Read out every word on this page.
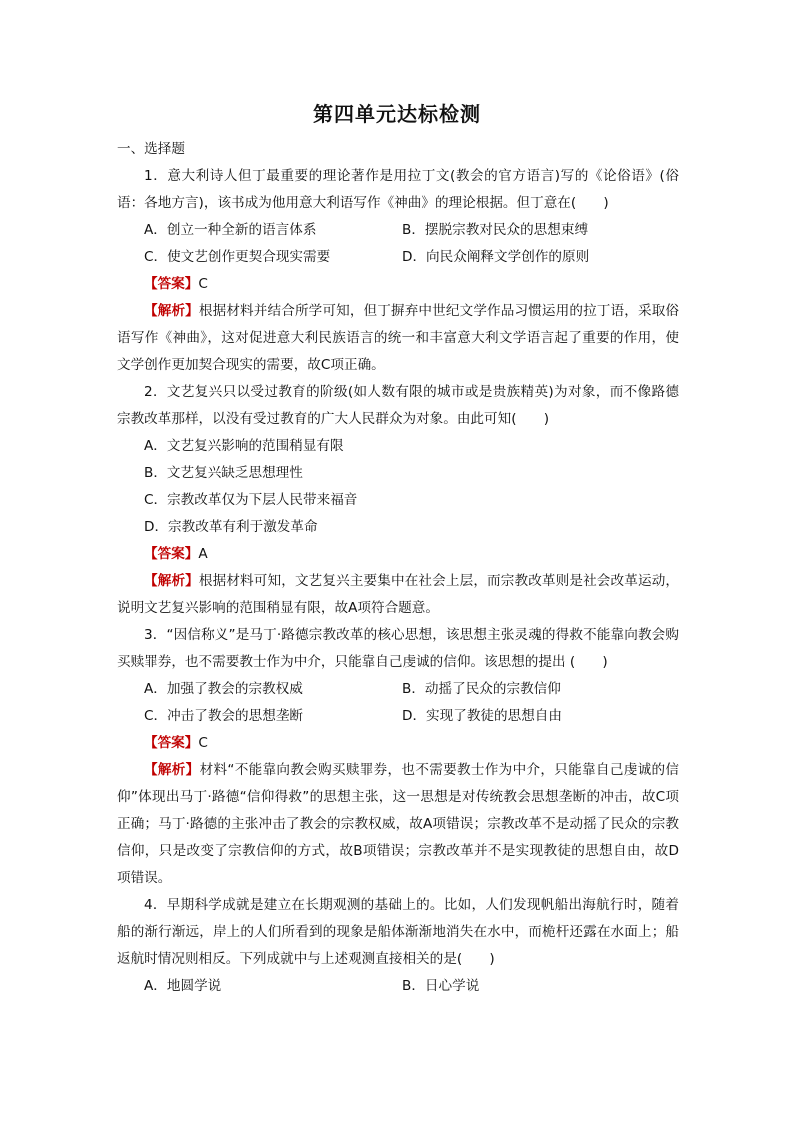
第四单元达标检测
一、选择题

1．意大利诗人但丁最重要的理论著作是用拉丁文(教会的官方语言)写的《论俗语》(俗语：各地方言)，该书成为他用意大利语写作《神曲》的理论根据。但丁意在(　　)

A．创立一种全新的语言体系	B．摆脱宗教对民众的思想束缚
C．使文艺创作更契合现实需要	D．向民众阐释文学创作的原则
【答案】C

【解析】根据材料并结合所学可知，但丁摒弃中世纪文学作品习惯运用的拉丁语，采取俗语写作《神曲》，这对促进意大利民族语言的统一和丰富意大利文学语言起了重要的作用，使文学创作更加契合现实的需要，故C项正确。

2．文艺复兴只以受过教育的阶级(如人数有限的城市或是贵族精英)为对象，而不像路德宗教改革那样，以没有受过教育的广大人民群众为对象。由此可知(　　)

A．文艺复兴影响的范围稍显有限
B．文艺复兴缺乏思想理性
C．宗教改革仅为下层人民带来福音
D．宗教改革有利于激发革命
【答案】A

【解析】根据材料可知，文艺复兴主要集中在社会上层，而宗教改革则是社会改革运动，说明文艺复兴影响的范围稍显有限，故A项符合题意。

3．“因信称义”是马丁·路德宗教改革的核心思想，该思想主张灵魂的得救不能靠向教会购买赎罪券，也不需要教士作为中介，只能靠自己虔诚的信仰。该思想的提出 (　　)

A．加强了教会的宗教权威	B．动摇了民众的宗教信仰
C．冲击了教会的思想垄断	D．实现了教徒的思想自由
【答案】C

【解析】材料“不能靠向教会购买赎罪券，也不需要教士作为中介，只能靠自己虔诚的信仰”体现出马丁·路德“信仰得救”的思想主张，这一思想是对传统教会思想垄断的冲击，故C项正确；马丁·路德的主张冲击了教会的宗教权威，故A项错误；宗教改革不是动摇了民众的宗教信仰，只是改变了宗教信仰的方式，故B项错误；宗教改革并不是实现教徒的思想自由，故D项错误。

4．早期科学成就是建立在长期观测的基础上的。比如，人们发现帆船出海航行时，随着船的渐行渐远，岸上的人们所看到的现象是船体渐渐地消失在水中，而桅杆还露在水面上；船返航时情况则相反。下列成就中与上述观测直接相关的是(　　)

A．地圆学说	B．日心学说
